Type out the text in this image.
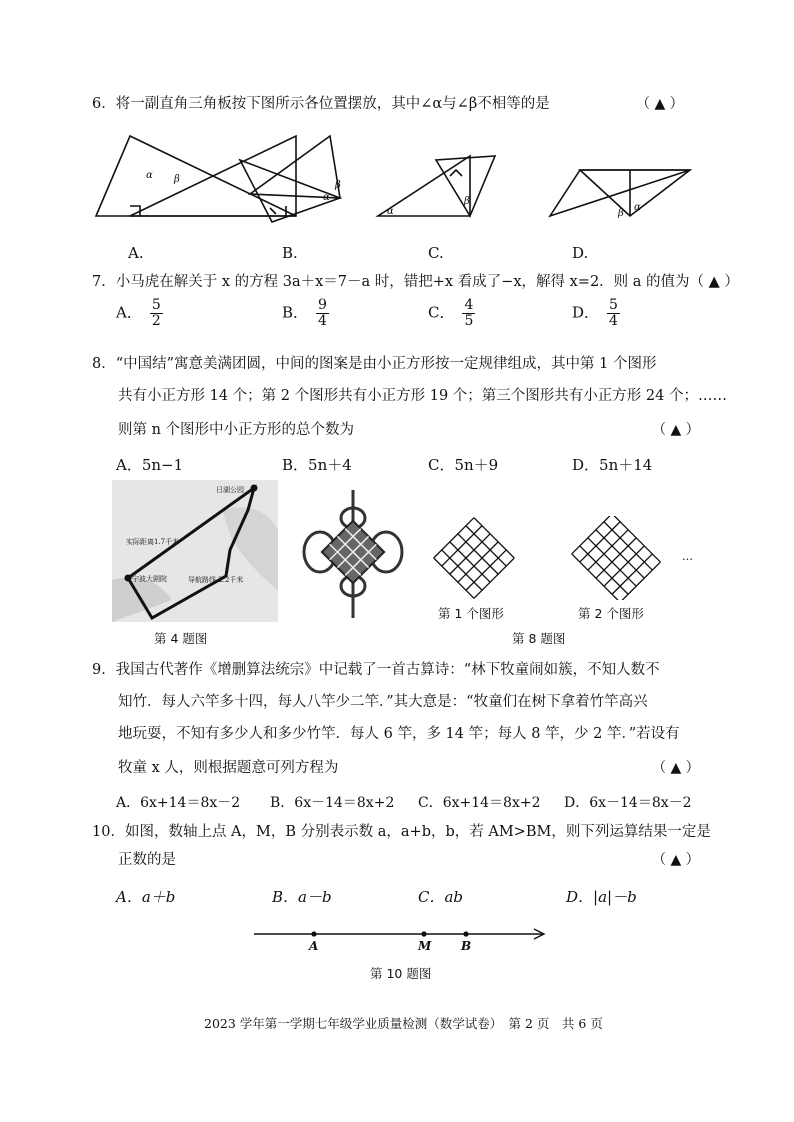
6．将一副直角三角板按下图所示各位置摆放，其中∠α与∠β不相等的是	（ ▲ ）
α β
α
β
α
β
α
β
A.	B.	C.	D.
7．小马虎在解关于 x 的方程 3a＋x＝7－a 时，错把+x 看成了−x，解得 x=2．则 a 的值为（ ▲ ）
A． $\frac{5}{2}$	B． $\frac{9}{4}$	C． $\frac{4}{5}$	D． $\frac{5}{4}$
8．“中国结”寓意美满团圆，中间的图案是由小正方形按一定规律组成，其中第 1 个图形
共有小正方形 14 个；第 2 个图形共有小正方形 19 个；第三个图形共有小正方形 24 个；……
则第 n 个图形中小正方形的总个数为	（ ▲ ）
A．5n−1	B．5n＋4	C．5n＋9	D．5n＋14
日湖公园
实际距离1.7千米
宁波大剧院	导航路线 2.2千米
第 4 题图
…
第 1 个图形	第 2 个图形
第 8 题图
9．我国古代著作《增删算法统宗》中记载了一首古算诗：“林下牧童闹如簇，不知人数不
知竹．每人六竿多十四，每人八竿少二竿．”其大意是：“牧童们在树下拿着竹竿高兴
地玩耍，不知有多少人和多少竹竿．每人 6 竿，多 14 竿；每人 8 竿，少 2 竿．”若设有
牧童 x 人，则根据题意可列方程为	（ ▲ ）
A．6x+14＝8x－2 B．6x－14＝8x+2 C．6x+14＝8x+2 D．6x－14＝8x－2
10．如图，数轴上点 A，M，B 分别表示数 a，a+b，b，若 AM>BM，则下列运算结果一定是
正数的是	（ ▲ ）
A．a＋b	B．a－b	C．ab	D．|a|－b
A	M B
第 10 题图
2023 学年第一学期七年级学业质量检测（数学试卷）　第 2 页　共 6 页
